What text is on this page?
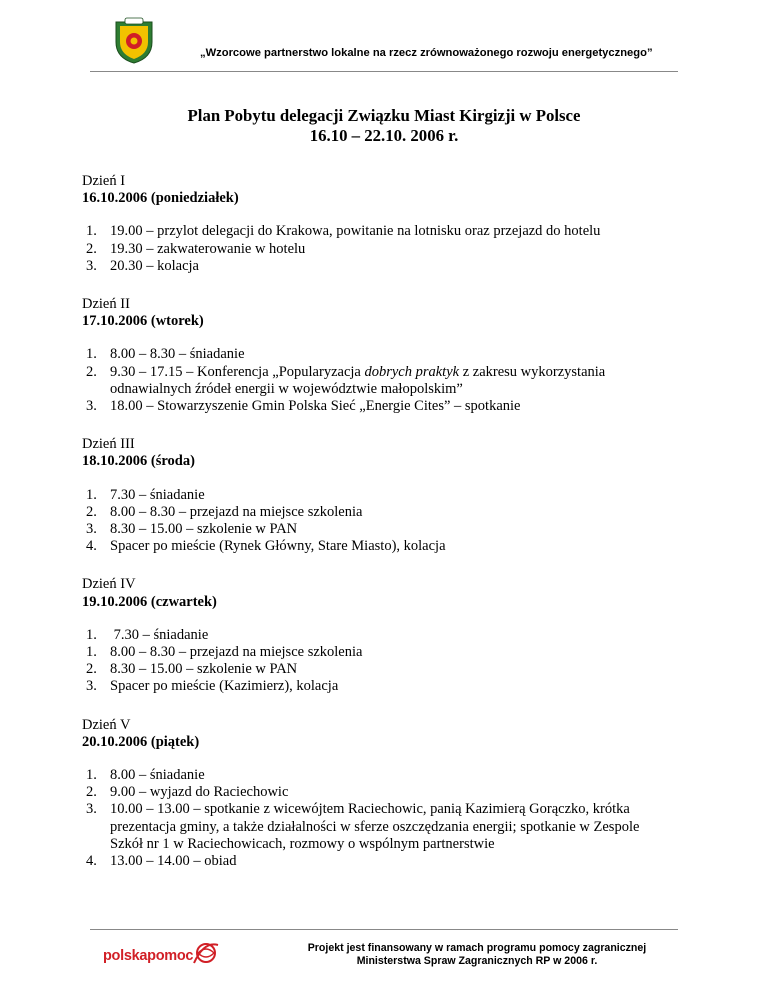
„Wzorcowe partnerstwo lokalne na rzecz zrównoważonego rozwoju energetycznego”
Plan Pobytu delegacji Związku Miast Kirgizji w Polsce
16.10 – 22.10. 2006 r.
Dzień I
16.10.2006 (poniedziałek)
1. 19.00 – przylot delegacji do Krakowa, powitanie na lotnisku oraz przejazd do hotelu
2. 19.30 – zakwaterowanie w hotelu
3. 20.30 – kolacja
Dzień II
17.10.2006 (wtorek)
1. 8.00 – 8.30 – śniadanie
2. 9.30 – 17.15 – Konferencja „Popularyzacja dobrych praktyk z zakresu wykorzystania odnawialnych źródeł energii w województwie małopolskim”
3. 18.00 – Stowarzyszenie Gmin Polska Sieć „Energie Cites” – spotkanie
Dzień III
18.10.2006 (środa)
1. 7.30 – śniadanie
2. 8.00 – 8.30 – przejazd na miejsce szkolenia
3. 8.30 – 15.00 – szkolenie w PAN
4. Spacer po mieście (Rynek Główny, Stare Miasto), kolacja
Dzień IV
19.10.2006 (czwartek)
1. 7.30 – śniadanie
1. 8.00 – 8.30 – przejazd na miejsce szkolenia
2. 8.30 – 15.00 – szkolenie w PAN
3. Spacer po mieście (Kazimierz), kolacja
Dzień V
20.10.2006 (piątek)
1. 8.00 – śniadanie
2. 9.00 – wyjazd do Raciechowic
3. 10.00 – 13.00 – spotkanie z wicewójtem Raciechowic, panią Kazimierą Gorączko, krótka prezentacja gminy, a także działalności w sferze oszczędzania energii; spotkanie w Zespole Szkół nr 1 w Raciechowicach, rozmowy o wspólnym partnerstwie
4. 13.00 – 14.00 – obiad
polskapomoc	Projekt jest finansowany w ramach programu pomocy zagranicznej
Ministerstwa Spraw Zagranicznych RP w 2006 r.
